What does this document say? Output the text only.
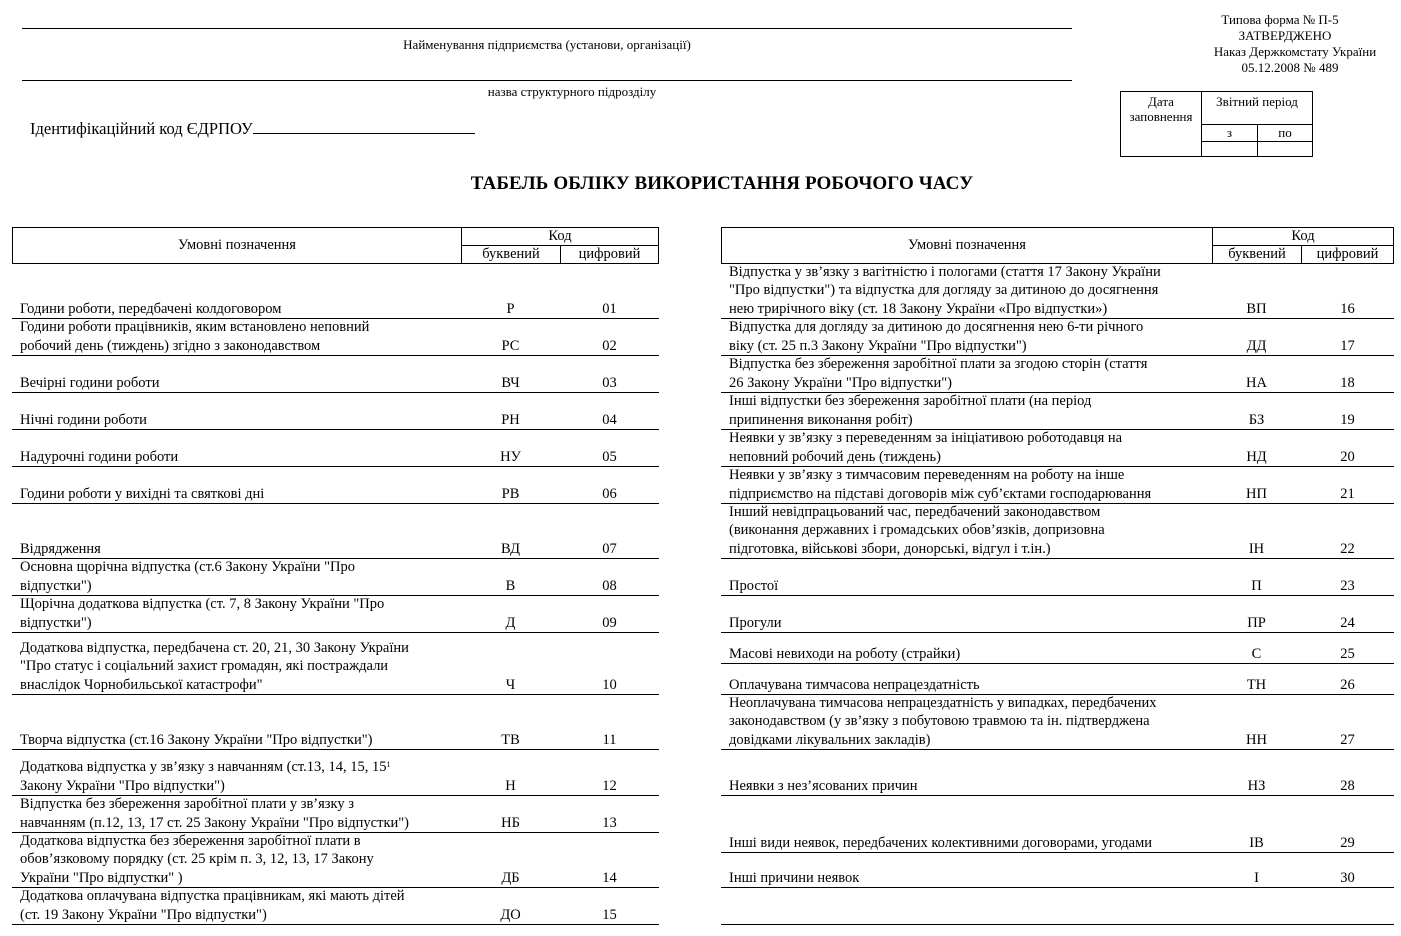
Найменування підприємства (установи, організації)
назва структурного підрозділу
Ідентифікаційний код ЄДРПОУ
Типова форма № П-5
ЗАТВЕРДЖЕНО
Наказ Держкомстату України
05.12.2008 № 489
Дата
заповнення
Звітний період
з	по
ТАБЕЛЬ ОБЛІКУ ВИКОРИСТАННЯ РОБОЧОГО ЧАСУ
Умовні позначення
Код
буквений	цифровий
Години роботи, передбачені колдоговором	Р	01
Години роботи працівників, яким встановлено неповний
робочий день (тиждень) згідно з законодавством	РС	02
Вечірні години роботи	ВЧ	03
Нічні години роботи	РН	04
Надурочні години роботи	НУ	05
Години роботи у вихідні та святкові дні	РВ	06
Відрядження	ВД	07
Основна щорічна відпустка (ст.6 Закону України "Про
відпустки")	В	08
Щорічна додаткова відпустка (ст. 7, 8 Закону України "Про
відпустки")	Д	09
Додаткова відпустка, передбачена ст. 20, 21, 30 Закону України
"Про статус і соціальний захист громадян, які постраждали
внаслідок Чорнобильської катастрофи"	Ч	10
Творча відпустка (ст.16 Закону України "Про відпустки")	ТВ	11
Додаткова відпустка у зв’язку з навчанням (ст.13, 14, 15, $15^1$
Закону України "Про відпустки")	Н	12
Відпустка без збереження заробітної плати у зв’язку з
навчанням (п.12, 13, 17 ст. 25 Закону України "Про відпустки")	НБ	13
Додаткова відпустка без збереження заробітної плати в
обов’язковому порядку (ст. 25 крім п. 3, 12, 13, 17 Закону
України "Про відпустки" )	ДБ	14
Додаткова оплачувана відпустка працівникам, які мають дітей
(ст. 19 Закону України "Про відпустки")	ДО	15
Умовні позначення
Код
буквений	цифровий
Відпустка у зв’язку з вагітністю і пологами (стаття 17 Закону України
"Про відпустки") та відпустка для догляду за дитиною до досягнення
нею трирічного віку (ст. 18 Закону України «Про відпустки»)	ВП	16
Відпустка для догляду за дитиною до досягнення нею 6-ти річного
віку (ст. 25 п.3 Закону України "Про відпустки")	ДД	17
Відпустка без збереження заробітної плати за згодою сторін (стаття
26 Закону України "Про відпустки")	НА	18
Інші відпустки без збереження заробітної плати (на період
припинення виконання робіт)	БЗ	19
Неявки у зв’язку з переведенням за ініціативою роботодавця на
неповний робочий день (тиждень)	НД	20
Неявки у зв’язку з тимчасовим переведенням на роботу на інше
підприємство на підставі договорів між суб’єктами господарювання	НП	21
Інший невідпрацьований час, передбачений законодавством
(виконання державних і громадських обов’язків, допризовна
підготовка, військові збори, донорські, відгул і т.ін.)	ІН	22
Простої	П	23
Прогули	ПР	24
Масові невиходи на роботу (страйки)	С	25
Оплачувана тимчасова непрацездатність	ТН	26
Неоплачувана тимчасова непрацездатність у випадках, передбачених
законодавством (у зв’язку з побутовою травмою та ін. підтверджена
довідками лікувальних закладів)	НН	27
Неявки з нез’ясованих причин	НЗ	28
Інші види неявок, передбачених колективними договорами, угодами	ІВ	29
Інші причини неявок	І	30
